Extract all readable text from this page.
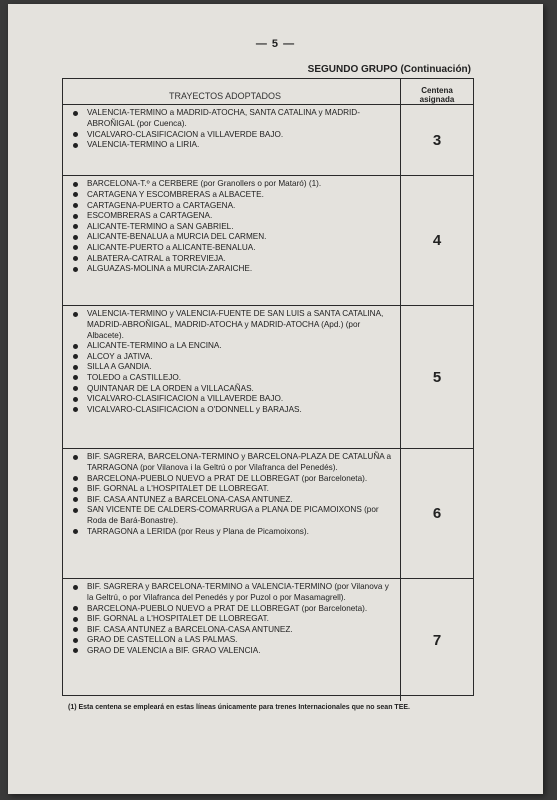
— 5 —
SEGUNDO GRUPO (Continuación)
TRAYECTOS ADOPTADOS
Centena
asignada
VALENCIA-TERMINO a MADRID-ATOCHA, SANTA CATALINA y MADRID-ABROÑIGAL (por Cuenca).
VICALVARO-CLASIFICACION a VILLAVERDE BAJO.
VALENCIA-TERMINO a LIRIA.	3
BARCELONA-T.º a CERBERE (por Granollers o por Mataró) (1).
CARTAGENA Y ESCOMBRERAS a ALBACETE.
CARTAGENA-PUERTO a CARTAGENA.
ESCOMBRERAS a CARTAGENA.
ALICANTE-TERMINO a SAN GABRIEL.
ALICANTE-BENALUA a MURCIA DEL CARMEN.
ALICANTE-PUERTO a ALICANTE-BENALUA.
ALBATERA-CATRAL a TORREVIEJA.
ALGUAZAS-MOLINA a MURCIA-ZARAICHE.
4
VALENCIA-TERMINO y VALENCIA-FUENTE DE SAN LUIS a SANTA CATALINA, MADRID-ABROÑIGAL, MADRID-ATOCHA y MADRID-ATOCHA (Apd.) (por Albacete).
ALICANTE-TERMINO a LA ENCINA.
ALCOY a JATIVA.
SILLA A GANDIA.
TOLEDO a CASTILLEJO.
QUINTANAR DE LA ORDEN a VILLACAÑAS.
VICALVARO-CLASIFICACION a VILLAVERDE BAJO.
VICALVARO-CLASIFICACION a O'DONNELL y BARAJAS.
5
BIF. SAGRERA, BARCELONA-TERMINO y BARCELONA-PLAZA DE CATALUÑA a TARRAGONA (por Vilanova i la Geltrú o por Vilafranca del Penedés).
BARCELONA-PUEBLO NUEVO a PRAT DE LLOBREGAT (por Barceloneta).
BIF. GORNAL a L'HOSPITALET DE LLOBREGAT.
BIF. CASA ANTUNEZ a BARCELONA-CASA ANTUNEZ.
SAN VICENTE DE CALDERS-COMARRUGA a PLANA DE PICAMOIXONS (por Roda de Bará-Bonastre).
TARRAGONA a LERIDA (por Reus y Plana de Picamoixons).
6
BIF. SAGRERA y BARCELONA-TERMINO a VALENCIA-TERMINO (por Vilanova y la Geltrú, o por Vilafranca del Penedés y por Puzol o por Masamagrell).
BARCELONA-PUEBLO NUEVO a PRAT DE LLOBREGAT (por Barceloneta).
BIF. GORNAL a L'HOSPITALET DE LLOBREGAT.
BIF. CASA ANTUNEZ a BARCELONA-CASA ANTUNEZ.
GRAO DE CASTELLON a LAS PALMAS.
GRAO DE VALENCIA a BIF. GRAO VALENCIA.
7
(1) Esta centena se empleará en estas líneas únicamente para trenes Internacionales que no sean TEE.
